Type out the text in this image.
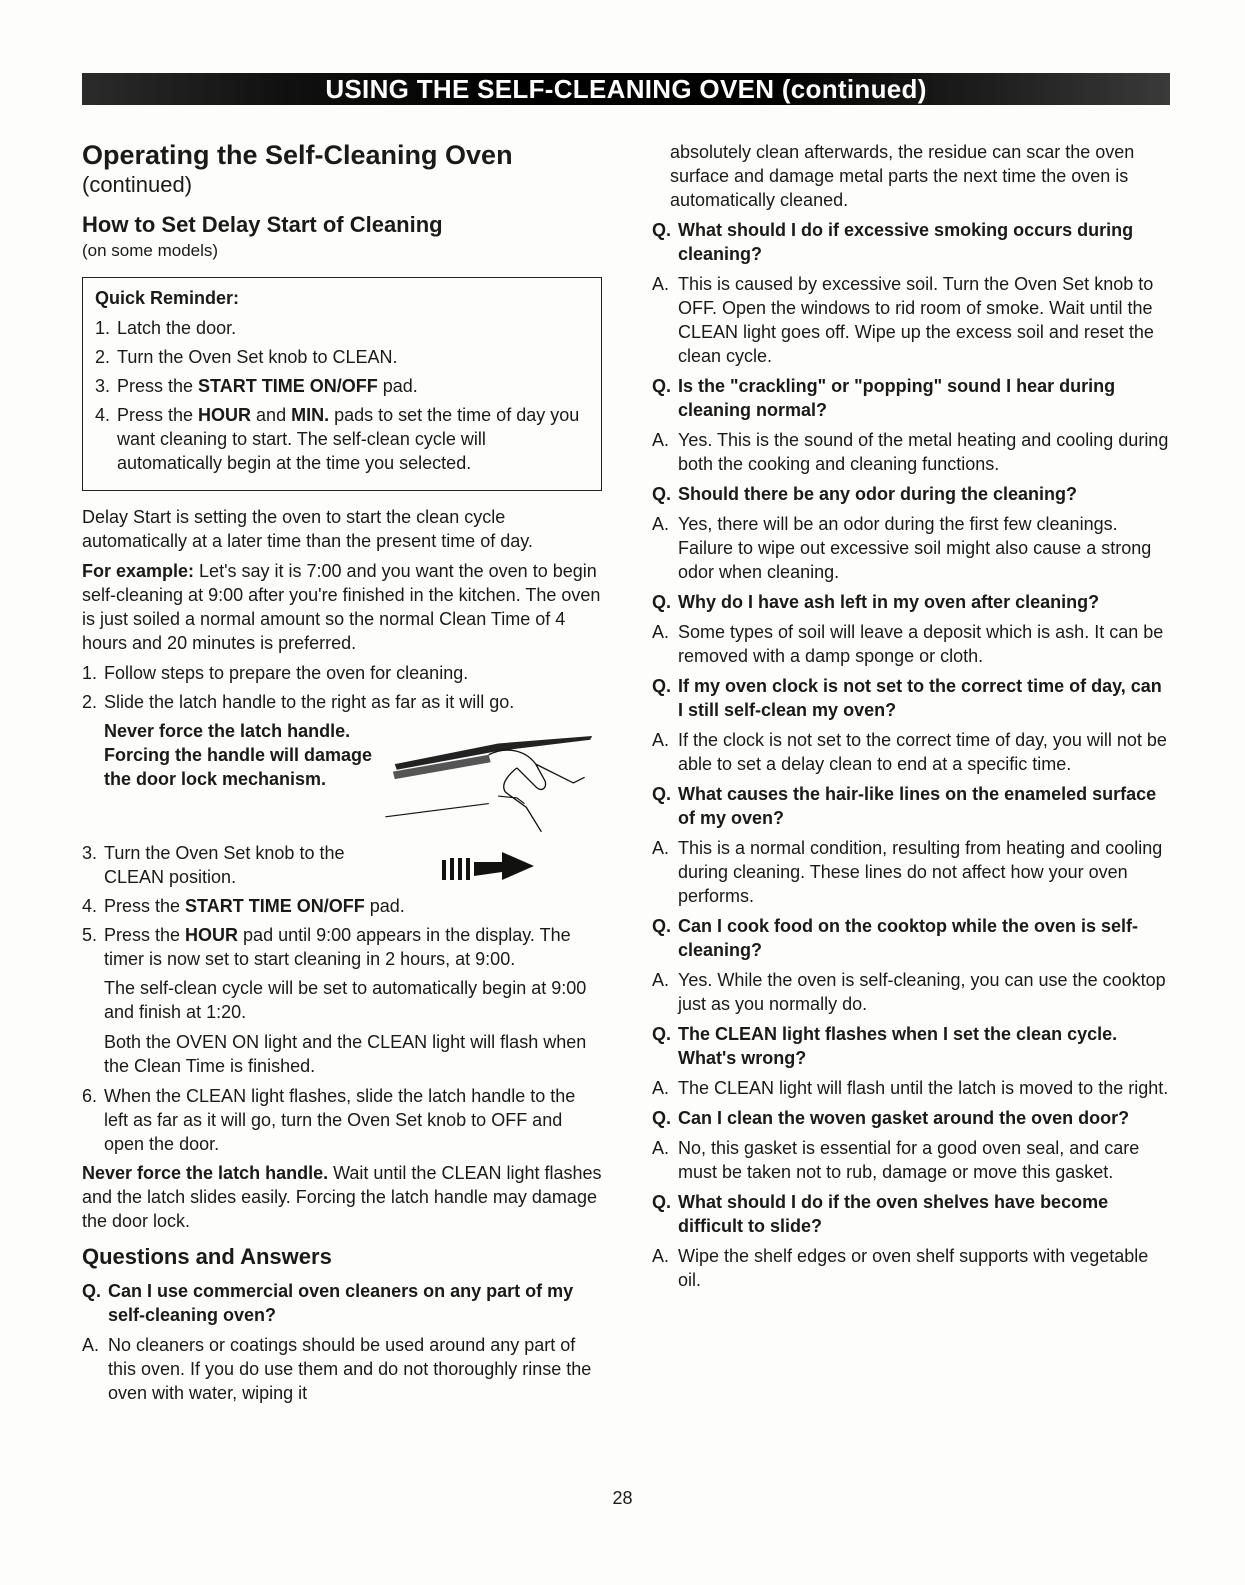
USING THE SELF-CLEANING OVEN (continued)
Operating the Self-Cleaning Oven
(continued)
How to Set Delay Start of Cleaning
(on some models)
Quick Reminder:
1. Latch the door.
2. Turn the Oven Set knob to CLEAN.
3. Press the START TIME ON/OFF pad.
4. Press the HOUR and MIN. pads to set the time of day you want cleaning to start. The self-clean cycle will automatically begin at the time you selected.

Delay Start is setting the oven to start the clean cycle automatically at a later time than the present time of day.

For example: Let's say it is 7:00 and you want the oven to begin self-cleaning at 9:00 after you're finished in the kitchen. The oven is just soiled a normal amount so the normal Clean Time of 4 hours and 20 minutes is preferred.

1. Follow steps to prepare the oven for cleaning.
2. Slide the latch handle to the right as far as it will go.
Never force the latch handle. Forcing the handle will damage the door lock mechanism.
3. Turn the Oven Set knob to the CLEAN position.
4. Press the START TIME ON/OFF pad.
5. Press the HOUR pad until 9:00 appears in the display. The timer is now set to start cleaning in 2 hours, at 9:00.

The self-clean cycle will be set to automatically begin at 9:00 and finish at 1:20.

Both the OVEN ON light and the CLEAN light will flash when the Clean Time is finished.

6. When the CLEAN light flashes, slide the latch handle to the left as far as it will go, turn the Oven Set knob to OFF and open the door.

Never force the latch handle. Wait until the CLEAN light flashes and the latch slides easily. Forcing the latch handle may damage the door lock.

Questions and Answers
Q. Can I use commercial oven cleaners on any part of my self-cleaning oven?
A. No cleaners or coatings should be used around any part of this oven. If you do use them and do not thoroughly rinse the oven with water, wiping it

absolutely clean afterwards, the residue can scar the oven surface and damage metal parts the next time the oven is automatically cleaned.

Q. What should I do if excessive smoking occurs during cleaning?
A. This is caused by excessive soil. Turn the Oven Set knob to OFF. Open the windows to rid room of smoke. Wait until the CLEAN light goes off. Wipe up the excess soil and reset the clean cycle.
Q. Is the "crackling" or "popping" sound I hear during cleaning normal?
A. Yes. This is the sound of the metal heating and cooling during both the cooking and cleaning functions.
Q. Should there be any odor during the cleaning?
A. Yes, there will be an odor during the first few cleanings. Failure to wipe out excessive soil might also cause a strong odor when cleaning.
Q. Why do I have ash left in my oven after cleaning?
A. Some types of soil will leave a deposit which is ash. It can be removed with a damp sponge or cloth.
Q. If my oven clock is not set to the correct time of day, can I still self-clean my oven?
A. If the clock is not set to the correct time of day, you will not be able to set a delay clean to end at a specific time.
Q. What causes the hair-like lines on the enameled surface of my oven?
A. This is a normal condition, resulting from heating and cooling during cleaning. These lines do not affect how your oven performs.
Q. Can I cook food on the cooktop while the oven is self-cleaning?
A. Yes. While the oven is self-cleaning, you can use the cooktop just as you normally do.
Q. The CLEAN light flashes when I set the clean cycle. What's wrong?
A. The CLEAN light will flash until the latch is moved to the right.
Q. Can I clean the woven gasket around the oven door?
A. No, this gasket is essential for a good oven seal, and care must be taken not to rub, damage or move this gasket.
Q. What should I do if the oven shelves have become difficult to slide?
A. Wipe the shelf edges or oven shelf supports with vegetable oil.
28
